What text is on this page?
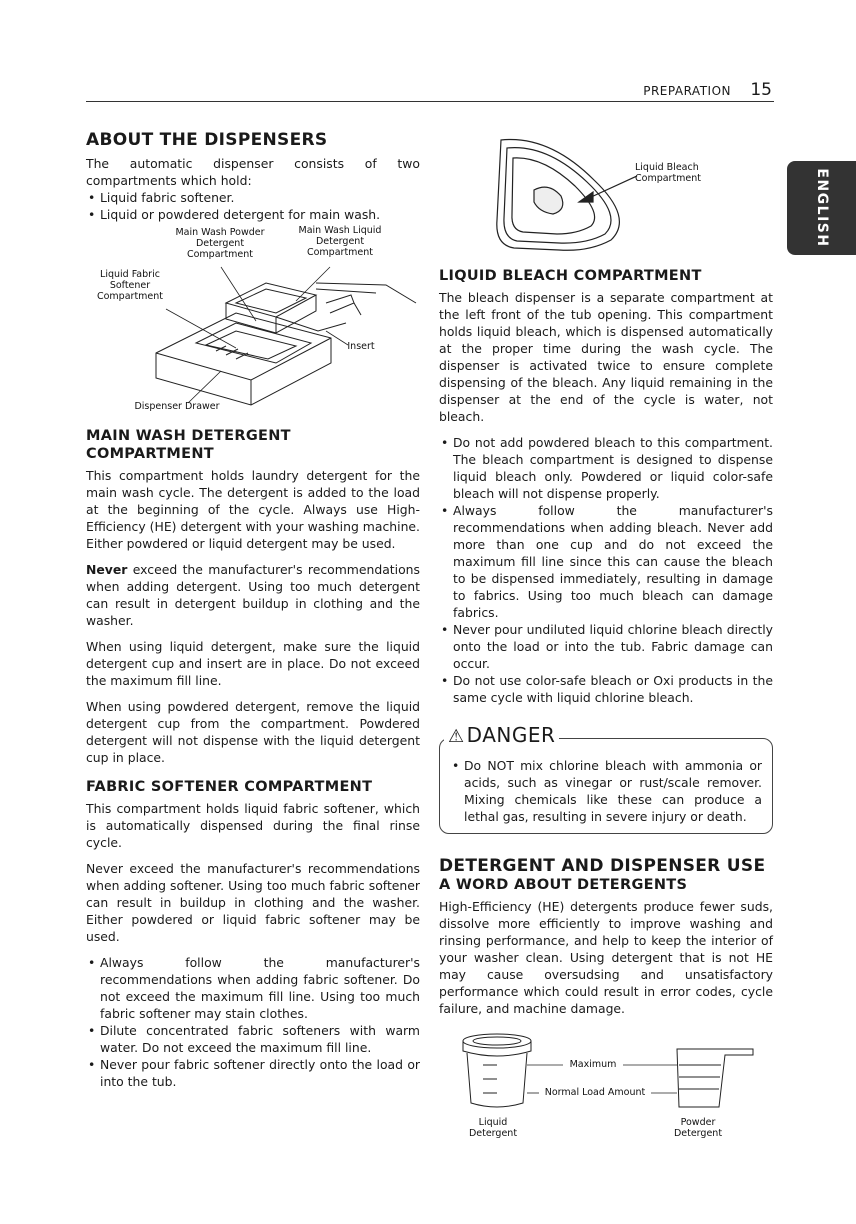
PREPARATION 15
ENGLISH
ABOUT THE DISPENSERS

The automatic dispenser consists of two compartments which hold:

• Liquid fabric softener.
• Liquid or powdered detergent for main wash.
Main Wash Powder Detergent Compartment
Main Wash Liquid Detergent Compartment
Liquid Fabric Softener Compartment
Insert
Dispenser Drawer
MAIN WASH DETERGENT COMPARTMENT

This compartment holds laundry detergent for the main wash cycle. The detergent is added to the load at the beginning of the cycle. Always use High-Efficiency (HE) detergent with your washing machine. Either powdered or liquid detergent may be used.

Never exceed the manufacturer's recommendations when adding detergent. Using too much detergent can result in detergent buildup in clothing and the washer.

When using liquid detergent, make sure the liquid detergent cup and insert are in place. Do not exceed the maximum fill line.

When using powdered detergent, remove the liquid detergent cup from the compartment. Powdered detergent will not dispense with the liquid detergent cup in place.

FABRIC SOFTENER COMPARTMENT

This compartment holds liquid fabric softener, which is automatically dispensed during the final rinse cycle.

Never exceed the manufacturer's recommendations when adding softener. Using too much fabric softener can result in buildup in clothing and the washer. Either powdered or liquid fabric softener may be used.

• Always follow the manufacturer's recommendations when adding fabric softener. Do not exceed the maximum fill line. Using too much fabric softener may stain clothes.
• Dilute concentrated fabric softeners with warm water. Do not exceed the maximum fill line.
• Never pour fabric softener directly onto the load or into the tub.
Liquid Bleach Compartment
LIQUID BLEACH COMPARTMENT

The bleach dispenser is a separate compartment at the left front of the tub opening. This compartment holds liquid bleach, which is dispensed automatically at the proper time during the wash cycle. The dispenser is activated twice to ensure complete dispensing of the bleach. Any liquid remaining in the dispenser at the end of the cycle is water, not bleach.

• Do not add powdered bleach to this compartment. The bleach compartment is designed to dispense liquid bleach only. Powdered or liquid color-safe bleach will not dispense properly.
• Always follow the manufacturer's recommendations when adding bleach. Never add more than one cup and do not exceed the maximum fill line since this can cause the bleach to be dispensed immediately, resulting in damage to fabrics. Using too much bleach can damage fabrics.
• Never pour undiluted liquid chlorine bleach directly onto the load or into the tub. Fabric damage can occur.
• Do not use color-safe bleach or Oxi products in the same cycle with liquid chlorine bleach.
⚠ DANGER
• Do NOT mix chlorine bleach with ammonia or acids, such as vinegar or rust/scale remover. Mixing chemicals like these can produce a lethal gas, resulting in severe injury or death.
DETERGENT AND DISPENSER USE
A WORD ABOUT DETERGENTS

High-Efficiency (HE) detergents produce fewer suds, dissolve more efficiently to improve washing and rinsing performance, and help to keep the interior of your washer clean. Using detergent that is not HE may cause oversudsing and unsatisfactory performance which could result in error codes, cycle failure, and machine damage.

Maximum
Normal Load Amount
Liquid Detergent
Powder Detergent
